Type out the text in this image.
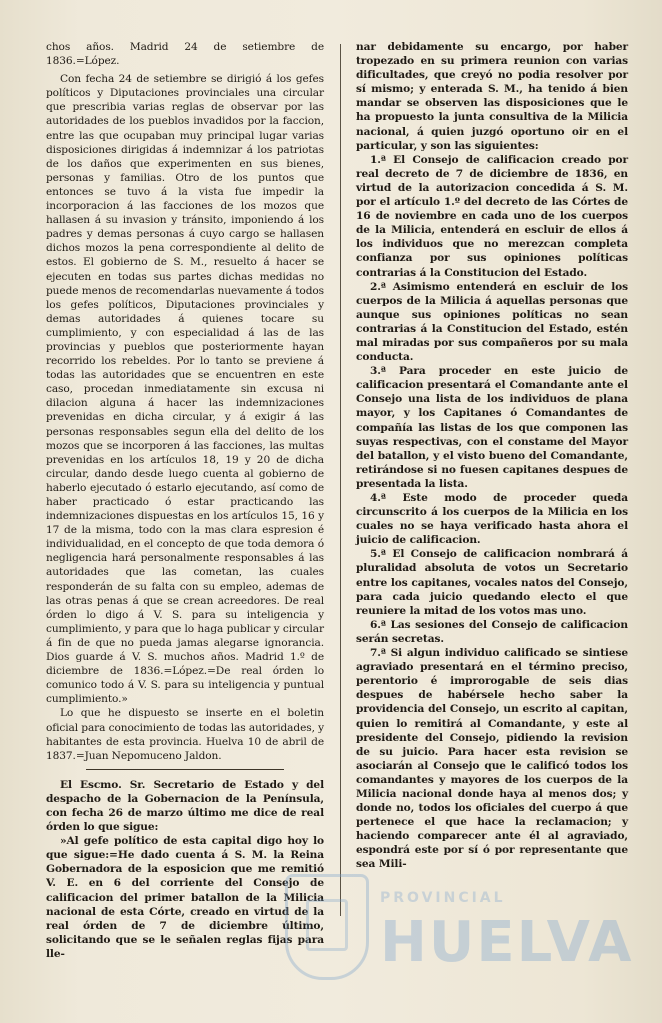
chos años. Madrid 24 de setiembre de 1836.=López.

Con fecha 24 de setiembre se dirigió á los gefes políticos y Diputaciones provinciales una circular que prescribia varias reglas de observar por las autoridades de los pueblos invadidos por la faccion, entre las que ocupaban muy principal lugar varias disposiciones dirigidas á indemnizar á los patriotas de los daños que experimenten en sus bienes, personas y familias. Otro de los puntos que entonces se tuvo á la vista fue impedir la incorporacion á las facciones de los mozos que hallasen á su invasion y tránsito, imponiendo á los padres y demas personas á cuyo cargo se hallasen dichos mozos la pena correspondiente al delito de estos. El gobierno de S. M., resuelto á hacer se ejecuten en todas sus partes dichas medidas no puede menos de recomendarlas nuevamente á todos los gefes políticos, Diputaciones provinciales y demas autoridades á quienes tocare su cumplimiento, y con especialidad á las de las provincias y pueblos que posteriormente hayan recorrido los rebeldes. Por lo tanto se previene á todas las autoridades que se encuentren en este caso, procedan inmediatamente sin excusa ni dilacion alguna á hacer las indemnizaciones prevenidas en dicha circular, y á exigir á las personas responsables segun ella del delito de los mozos que se incorporen á las facciones, las multas prevenidas en los artículos 18, 19 y 20 de dicha circular, dando desde luego cuenta al gobierno de haberlo ejecutado ó estarlo ejecutando, así como de haber practicado ó estar practicando las indemnizaciones dispuestas en los artículos 15, 16 y 17 de la misma, todo con la mas clara espresion é individualidad, en el concepto de que toda demora ó negligencia hará personalmente responsables á las autoridades que las cometan, las cuales responderán de su falta con su empleo, ademas de las otras penas á que se crean acreedores. De real órden lo digo á V. S. para su inteligencia y cumplimiento, y para que lo haga publicar y circular á fin de que no pueda jamas alegarse ignorancia. Dios guarde á V. S. muchos años. Madrid 1.º de diciembre de 1836.=López.=De real órden lo comunico todo á V. S. para su inteligencia y puntual cumplimiento.»

Lo que he dispuesto se inserte en el boletin oficial para conocimiento de todas las autoridades, y habitantes de esta provincia. Huelva 10 de abril de 1837.=Juan Nepomuceno Jaldon.

El Escmo. Sr. Secretario de Estado y del despacho de la Gobernacion de la Península, con fecha 26 de marzo último me dice de real órden lo que sigue:

»Al gefe político de esta capital digo hoy lo que sigue:=He dado cuenta á S. M. la Reina Gobernadora de la esposicion que me remitió V. E. en 6 del corriente del Consejo de calificacion del primer batallon de la Milicia nacional de esta Córte, creado en virtud de la real órden de 7 de diciembre último, solicitando que se le señalen reglas fijas para lle-

nar debidamente su encargo, por haber tropezado en su primera reunion con varias dificultades, que creyó no podia resolver por sí mismo; y enterada S. M., ha tenido á bien mandar se observen las disposiciones que le ha propuesto la junta consultiva de la Milicia nacional, á quien juzgó oportuno oir en el particular, y son las siguientes:

1.ª El Consejo de calificacion creado por real decreto de 7 de diciembre de 1836, en virtud de la autorizacion concedida á S. M. por el artículo 1.º del decreto de las Córtes de 16 de noviembre en cada uno de los cuerpos de la Milicia, entenderá en escluir de ellos á los individuos que no merezcan completa confianza por sus opiniones políticas contrarias á la Constitucion del Estado.

2.ª Asimismo entenderá en escluir de los cuerpos de la Milicia á aquellas personas que aunque sus opiniones políticas no sean contrarias á la Constitucion del Estado, estén mal miradas por sus compañeros por su mala conducta.

3.ª Para proceder en este juicio de calificacion presentará el Comandante ante el Consejo una lista de los individuos de plana mayor, y los Capitanes ó Comandantes de compañía las listas de los que componen las suyas respectivas, con el constame del Mayor del batallon, y el visto bueno del Comandante, retirándose si no fuesen capitanes despues de presentada la lista.

4.ª Este modo de proceder queda circunscrito á los cuerpos de la Milicia en los cuales no se haya verificado hasta ahora el juicio de calificacion.

5.ª El Consejo de calificacion nombrará á pluralidad absoluta de votos un Secretario entre los capitanes, vocales natos del Consejo, para cada juicio quedando electo el que reuniere la mitad de los votos mas uno.

6.ª Las sesiones del Consejo de calificacion serán secretas.

7.ª Si algun individuo calificado se sintiese agraviado presentará en el término preciso, perentorio é improrogable de seis dias despues de habérsele hecho saber la providencia del Consejo, un escrito al capitan, quien lo remitirá al Comandante, y este al presidente del Consejo, pidiendo la revision de su juicio. Para hacer esta revision se asociarán al Consejo que le calificó todos los comandantes y mayores de los cuerpos de la Milicia nacional donde haya al menos dos; y donde no, todos los oficiales del cuerpo á que pertenece el que hace la reclamacion; y haciendo comparecer ante él al agraviado, espondrá este por sí ó por representante que sea Mili-

PROVINCIAL
HUELVA
